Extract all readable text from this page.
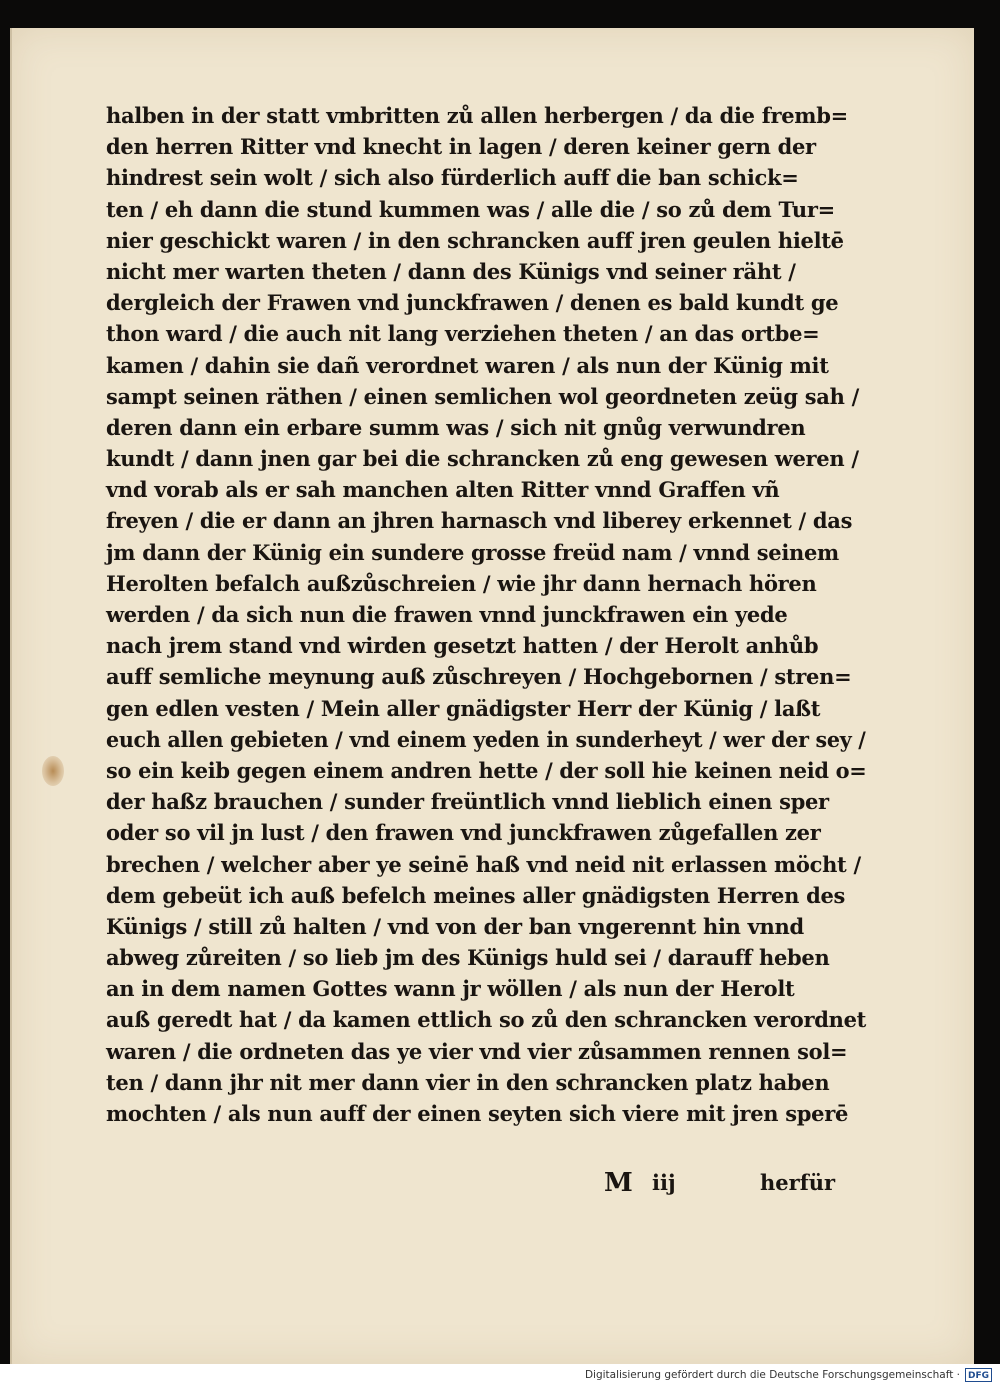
halben in der statt vmbritten zů allen herbergen / da die fremb=
den herren Ritter vnd knecht in lagen / deren keiner gern der
hindrest sein wolt / sich also fürderlich auff die ban schick=
ten / eh dann die stund kummen was / alle die / so zů dem Tur=
nier geschickt waren / in den schrancken auff jren geulen hieltē
nicht mer warten theten / dann des Künigs vnd seiner räht /
dergleich der Frawen vnd junckfrawen / denen es bald kundt ge
thon ward / die auch nit lang verziehen theten / an das ortbe=
kamen / dahin sie dañ verordnet waren / als nun der Künig mit
sampt seinen räthen / einen semlichen wol geordneten zeüg sah /
deren dann ein erbare summ was / sich nit gnůg verwundren
kundt / dann jnen gar bei die schrancken zů eng gewesen weren /
vnd vorab als er sah manchen alten Ritter vnnd Graffen vñ
freyen / die er dann an jhren harnasch vnd liberey erkennet / das
jm dann der Künig ein sundere grosse freüd nam / vnnd seinem
Herolten befalch außzůschreien / wie jhr dann hernach hören
werden / da sich nun die frawen vnnd junckfrawen ein yede
nach jrem stand vnd wirden gesetzt hatten / der Herolt anhůb
auff semliche meynung auß zůschreyen / Hochgebornen / stren=
gen edlen vesten / Mein aller gnädigster Herr der Künig / laßt
euch allen gebieten / vnd einem yeden in sunderheyt / wer der sey /
so ein keib gegen einem andren hette / der soll hie keinen neid o=
der haßz brauchen / sunder freüntlich vnnd lieblich einen sper
oder so vil jn lust / den frawen vnd junckfrawen zůgefallen zer
brechen / welcher aber ye seinē haß vnd neid nit erlassen möcht /
dem gebeüt ich auß befelch meines aller gnädigsten Herren des
Künigs / still zů halten / vnd von der ban vngerennt hin vnnd
abweg zůreiten / so lieb jm des Künigs huld sei / darauff heben
an in dem namen Gottes wann jr wöllen / als nun der Herolt
auß geredt hat / da kamen ettlich so zů den schrancken verordnet
waren / die ordneten das ye vier vnd vier zůsammen rennen sol=
ten / dann jhr nit mer dann vier in den schrancken platz haben
mochten / als nun auff der einen seyten sich viere mit jren sperē
M iij	herfür
Digitalisierung gefördert durch die Deutsche Forschungsgemeinschaft · DFG
